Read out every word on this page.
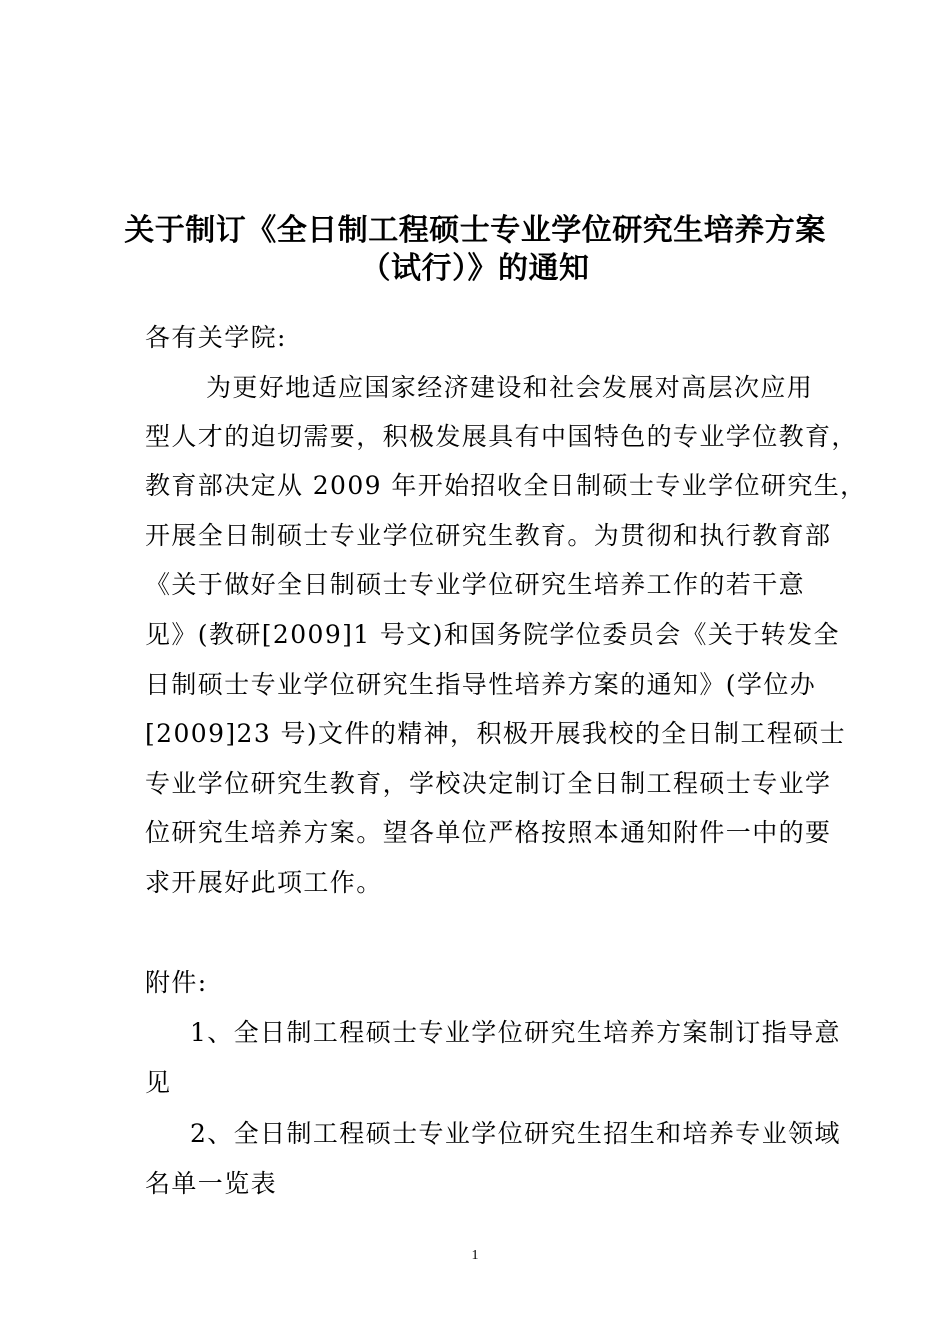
关于制订《全日制工程硕士专业学位研究生培养方案
（试行）》的通知
各有关学院:
为更好地适应国家经济建设和社会发展对高层次应用
型人才的迫切需要，积极发展具有中国特色的专业学位教育，
教育部决定从 2009 年开始招收全日制硕士专业学位研究生，
开展全日制硕士专业学位研究生教育。为贯彻和执行教育部
《关于做好全日制硕士专业学位研究生培养工作的若干意
见》(教研[2009]1 号文)和国务院学位委员会《关于转发全
日制硕士专业学位研究生指导性培养方案的通知》(学位办
[2009]23 号)文件的精神，积极开展我校的全日制工程硕士
专业学位研究生教育，学校决定制订全日制工程硕士专业学
位研究生培养方案。望各单位严格按照本通知附件一中的要
求开展好此项工作。
附件:
1、全日制工程硕士专业学位研究生培养方案制订指导意
见
2、全日制工程硕士专业学位研究生招生和培养专业领域
名单一览表
1
